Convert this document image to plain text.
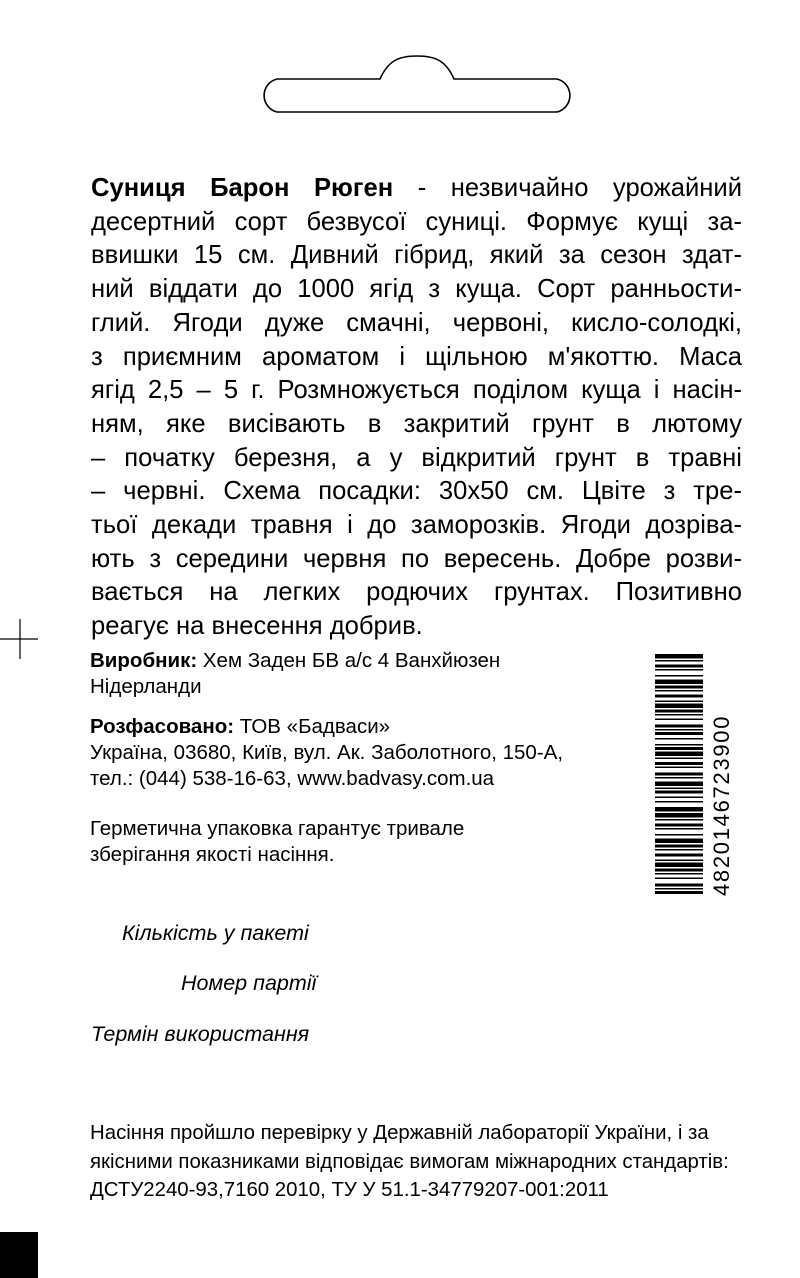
Суниця Барон Рюген - незвичайно урожайний
десертний сорт безвусої суниці. Формує кущі за-
ввишки 15 см. Дивний гібрид, який за сезон здат-
ний віддати до 1000 ягід з куща. Сорт ранньости-
глий. Ягоди дуже смачні, червоні, кисло-солодкі,
з приємним ароматом і щільною м'якоттю. Маса
ягід 2,5 – 5 г. Розмножується поділом куща і насін-
ням, яке висівають в закритий грунт в лютому
– початку березня, а у відкритий грунт в травні
– червні. Схема посадки: 30х50 см. Цвіте з тре-
тьої декади травня і до заморозків. Ягоди дозріва-
ють з середини червня по вересень. Добре розви-
вається на легких родючих грунтах. Позитивно
реагує на внесення добрив.
Виробник: Хем Заден БВ а/с 4 Ванхйюзен
Нідерланди
Розфасовано: ТОВ «Бадваси»
Україна, 03680, Київ, вул. Ак. Заболотного, 150-А,
тел.: (044) 538-16-63, www.badvasy.com.ua
Герметична упаковка гарантує тривале
зберігання якості насіння.
Кількість у пакеті
Номер партії
Термін використання
Насіння пройшло перевірку у Державній лабораторії України, і за
якісними показниками відповідає вимогам міжнародних стандартів:
ДСТУ2240-93,7160 2010, ТУ У 51.1-34779207-001:2011
4820146723900
